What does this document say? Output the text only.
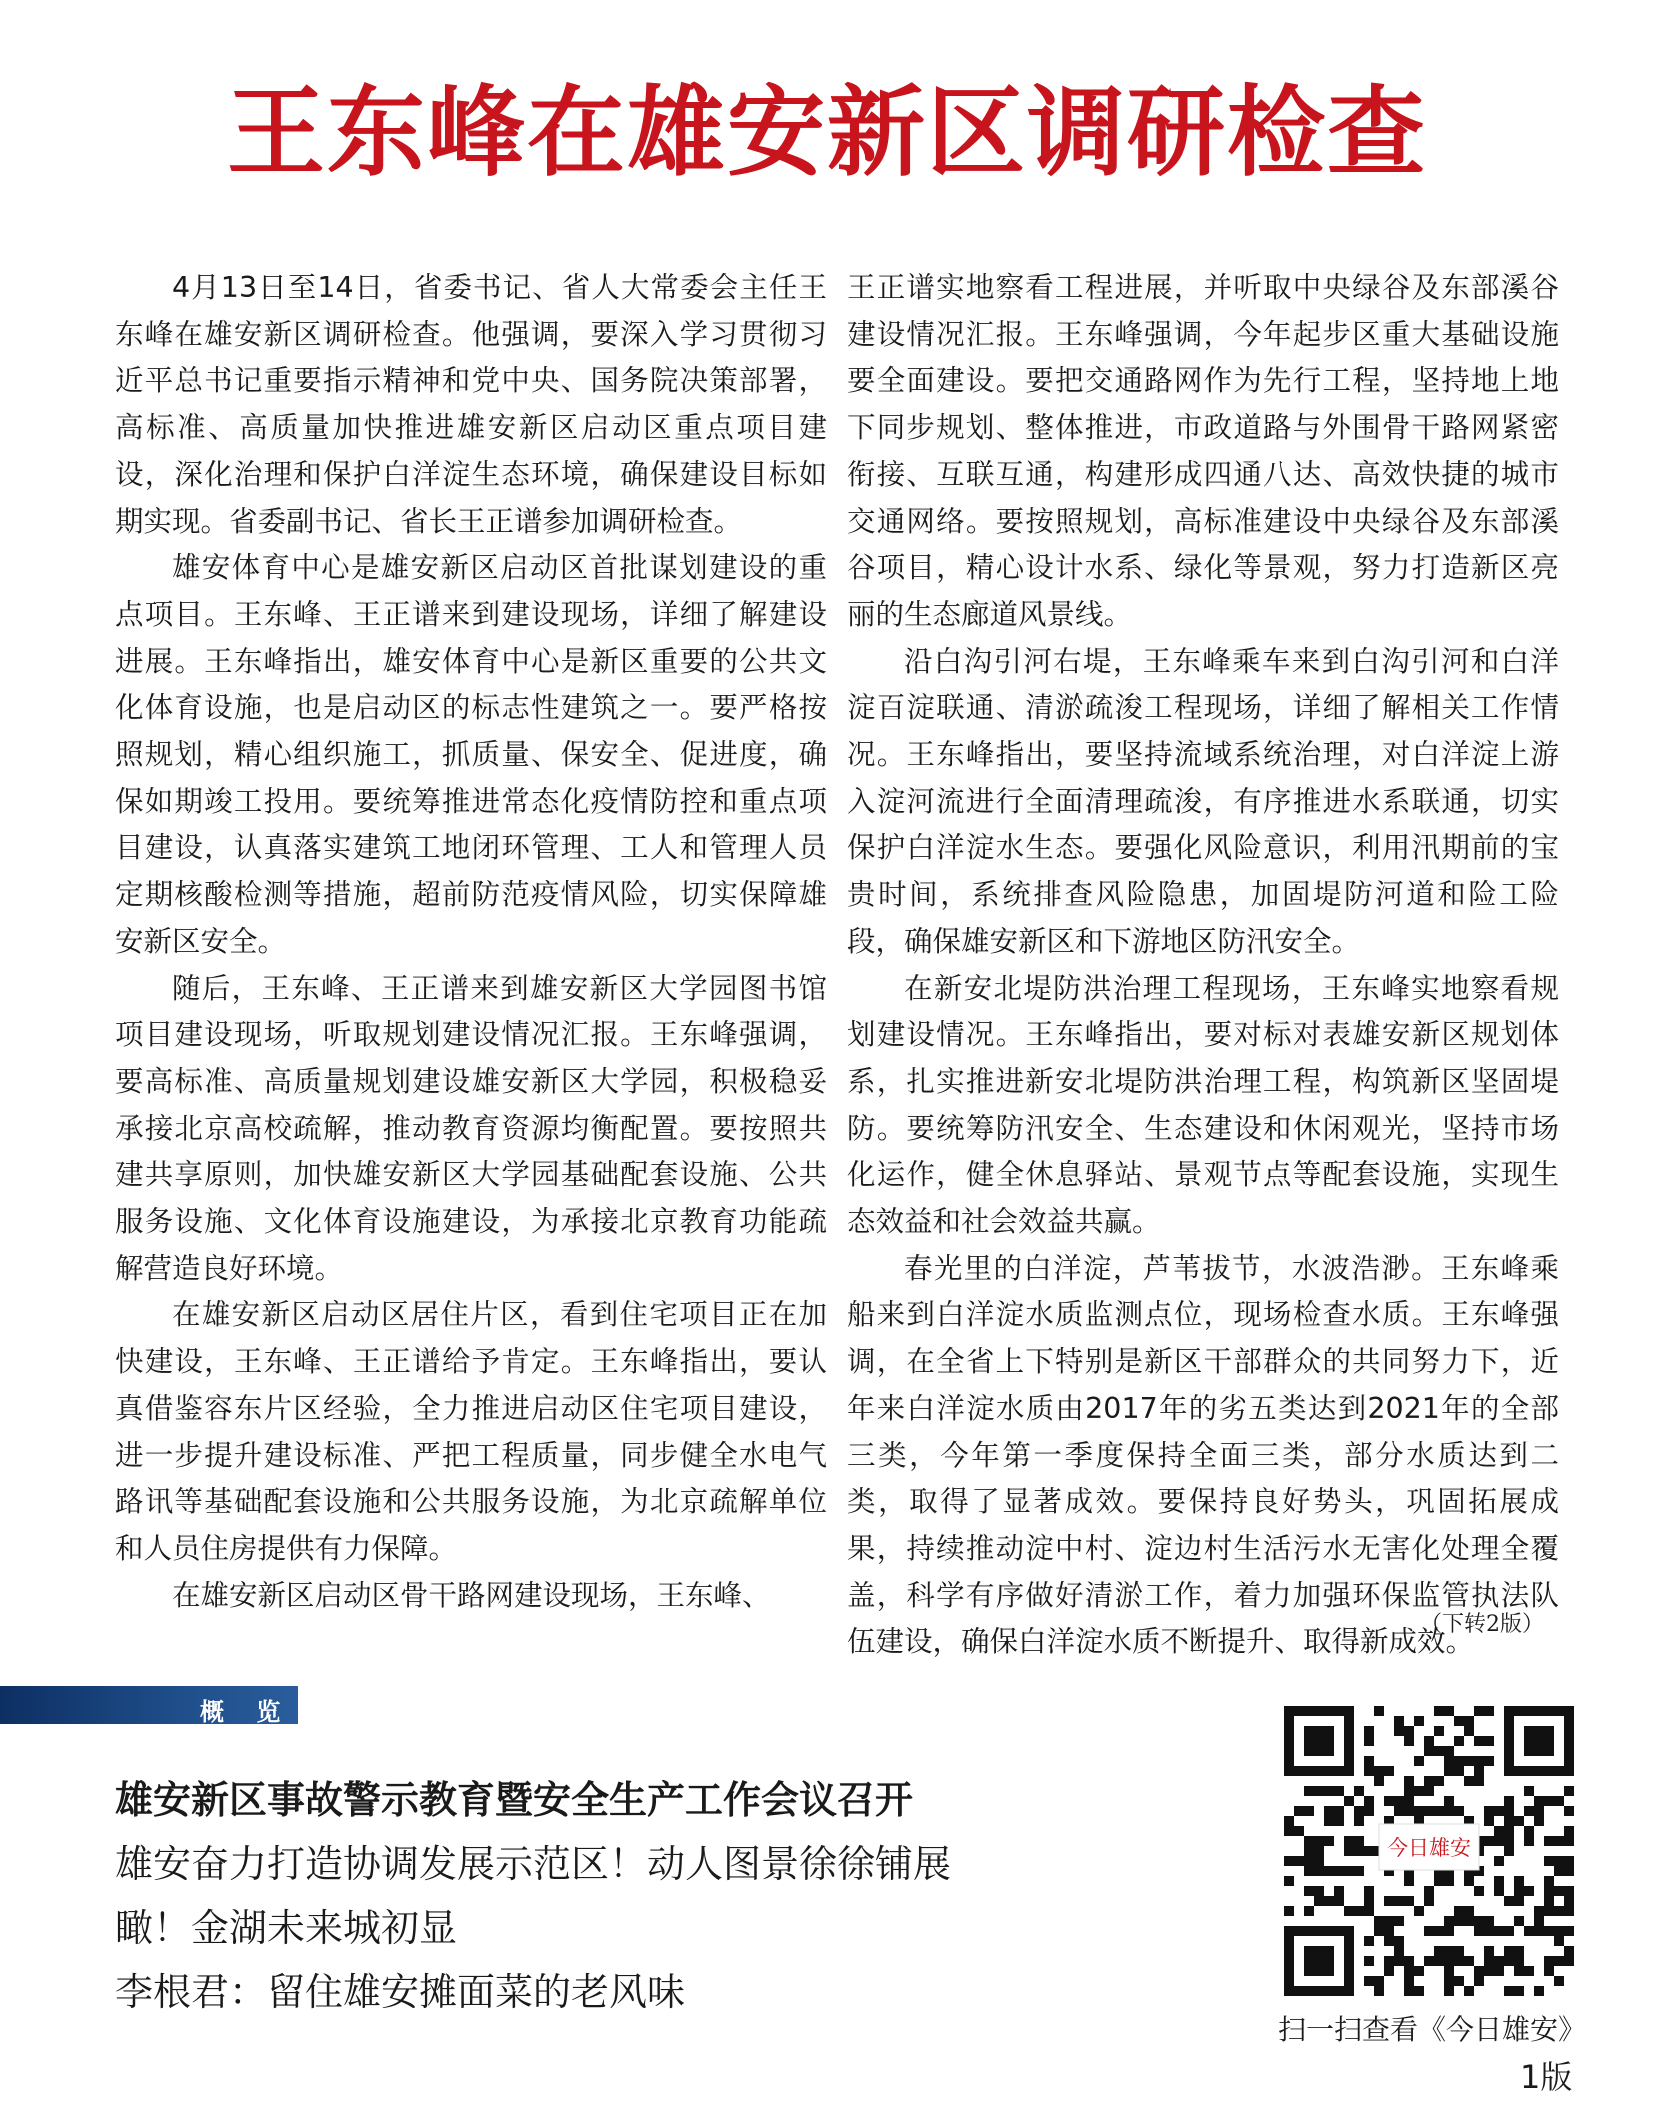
王东峰在雄安新区调研检查

4月13日至14日，省委书记、省人大常委会主任王东峰在雄安新区调研检查。他强调，要深入学习贯彻习近平总书记重要指示精神和党中央、国务院决策部署，高标准、高质量加快推进雄安新区启动区重点项目建设，深化治理和保护白洋淀生态环境，确保建设目标如期实现。省委副书记、省长王正谱参加调研检查。

雄安体育中心是雄安新区启动区首批谋划建设的重点项目。王东峰、王正谱来到建设现场，详细了解建设进展。王东峰指出，雄安体育中心是新区重要的公共文化体育设施，也是启动区的标志性建筑之一。要严格按照规划，精心组织施工，抓质量、保安全、促进度，确保如期竣工投用。要统筹推进常态化疫情防控和重点项目建设，认真落实建筑工地闭环管理、工人和管理人员定期核酸检测等措施，超前防范疫情风险，切实保障雄安新区安全。

随后，王东峰、王正谱来到雄安新区大学园图书馆项目建设现场，听取规划建设情况汇报。王东峰强调，要高标准、高质量规划建设雄安新区大学园，积极稳妥承接北京高校疏解，推动教育资源均衡配置。要按照共建共享原则，加快雄安新区大学园基础配套设施、公共服务设施、文化体育设施建设，为承接北京教育功能疏解营造良好环境。

在雄安新区启动区居住片区，看到住宅项目正在加快建设，王东峰、王正谱给予肯定。王东峰指出，要认真借鉴容东片区经验，全力推进启动区住宅项目建设，进一步提升建设标准、严把工程质量，同步健全水电气路讯等基础配套设施和公共服务设施，为北京疏解单位和人员住房提供有力保障。

在雄安新区启动区骨干路网建设现场，王东峰、

王正谱实地察看工程进展，并听取中央绿谷及东部溪谷建设情况汇报。王东峰强调，今年起步区重大基础设施要全面建设。要把交通路网作为先行工程，坚持地上地下同步规划、整体推进，市政道路与外围骨干路网紧密衔接、互联互通，构建形成四通八达、高效快捷的城市交通网络。要按照规划，高标准建设中央绿谷及东部溪谷项目，精心设计水系、绿化等景观，努力打造新区亮丽的生态廊道风景线。

沿白沟引河右堤，王东峰乘车来到白沟引河和白洋淀百淀联通、清淤疏浚工程现场，详细了解相关工作情况。王东峰指出，要坚持流域系统治理，对白洋淀上游入淀河流进行全面清理疏浚，有序推进水系联通，切实保护白洋淀水生态。要强化风险意识，利用汛期前的宝贵时间，系统排查风险隐患，加固堤防河道和险工险段，确保雄安新区和下游地区防汛安全。

在新安北堤防洪治理工程现场，王东峰实地察看规划建设情况。王东峰指出，要对标对表雄安新区规划体系，扎实推进新安北堤防洪治理工程，构筑新区坚固堤防。要统筹防汛安全、生态建设和休闲观光，坚持市场化运作，健全休息驿站、景观节点等配套设施，实现生态效益和社会效益共赢。

春光里的白洋淀，芦苇拔节，水波浩渺。王东峰乘船来到白洋淀水质监测点位，现场检查水质。王东峰强调，在全省上下特别是新区干部群众的共同努力下，近年来白洋淀水质由2017年的劣五类达到2021年的全部三类，今年第一季度保持全面三类，部分水质达到二类，取得了显著成效。要保持良好势头，巩固拓展成果，持续推动淀中村、淀边村生活污水无害化处理全覆盖，科学有序做好清淤工作，着力加强环保监管执法队伍建设，确保白洋淀水质不断提升、取得新成效。

（下转2版）
概 览
雄安新区事故警示教育暨安全生产工作会议召开
雄安奋力打造协调发展示范区！动人图景徐徐铺展
瞰！金湖未来城初显
李根君：留住雄安摊面菜的老风味
今日雄安
扫一扫查看《今日雄安》
1版
